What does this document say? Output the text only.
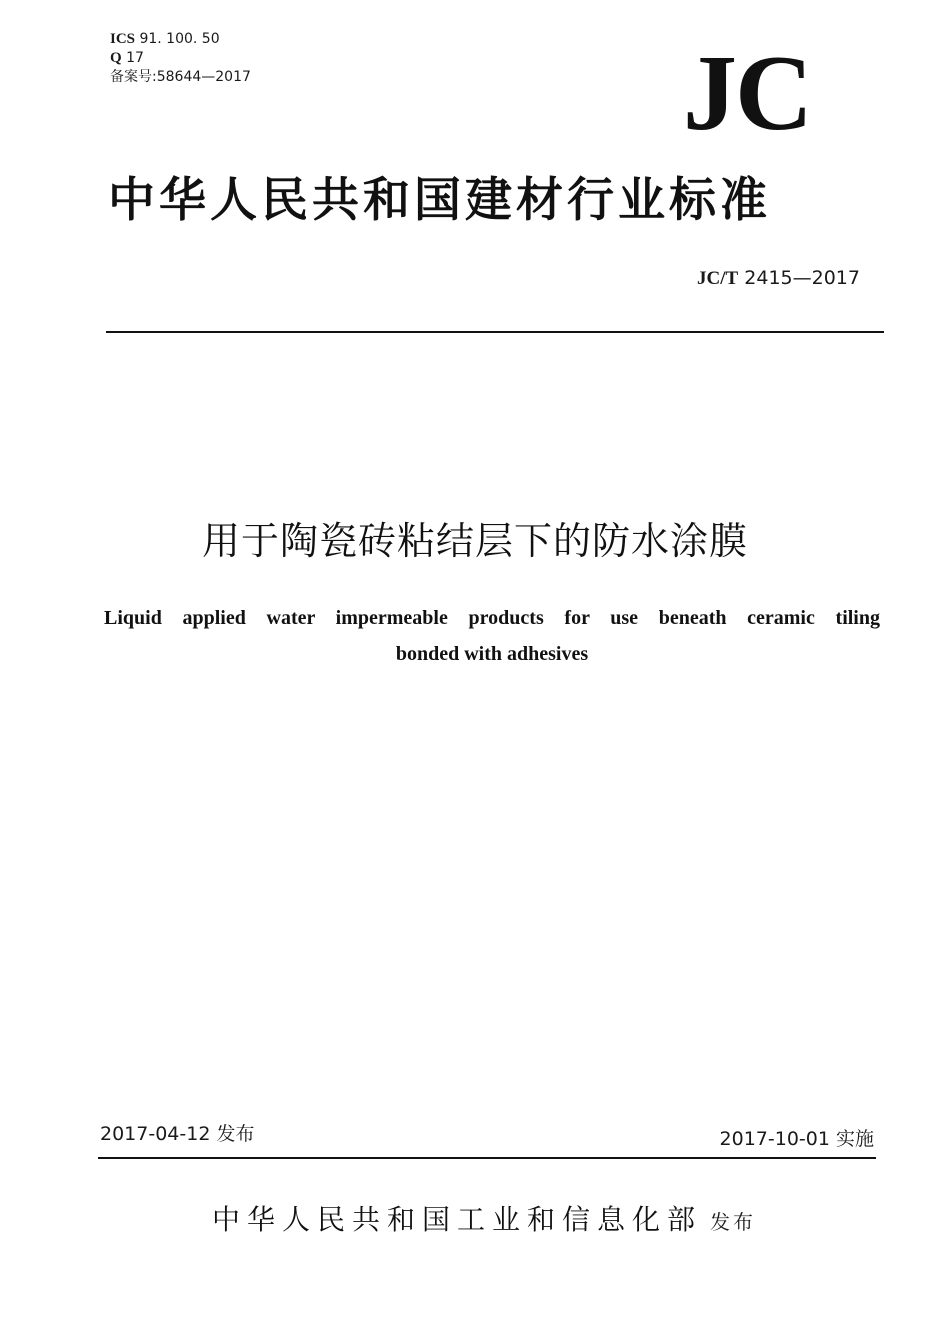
ICS 91. 100. 50
Q 17
备案号:58644—2017	JC
中华人民共和国建材行业标准
JC/T 2415—2017
用于陶瓷砖粘结层下的防水涂膜
Liquid applied water impermeable products for use beneath ceramic tiling
bonded with adhesives
2017-04-12 发布	2017-10-01 实施
中华人民共和国工业和信息化部 发布
